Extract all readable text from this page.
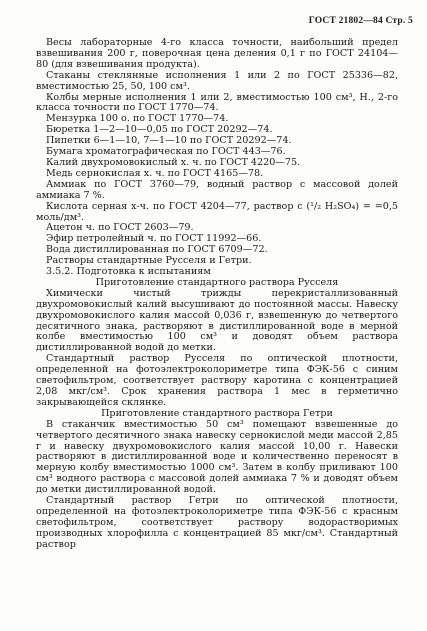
ГОСТ 21802—84 Стр. 5

Весы лабораторные 4-го класса точности, наибольший предел взвешивания 200 г, поверочная цена деления 0,1 г по ГОСТ 24104—80 (для взвешивания продукта).

Стаканы стеклянные исполнения 1 или 2 по ГОСТ 25336—82, вместимостью 25, 50, 100 см³.

Колбы мерные исполнения 1 или 2, вместимостью 100 см³, Н., 2-го класса точности по ГОСТ 1770—74.

Мензурка 100 о. по ГОСТ 1770—74.

Бюретка 1—2—10—0,05 по ГОСТ 20292—74.

Пипетки 6—1—10, 7—1—10 по ГОСТ 20292—74.

Бумага хроматографическая по ГОСТ 443—76.

Калий двухромовокислый х. ч. по ГОСТ 4220—75.

Медь сернокислая х. ч. по ГОСТ 4165—78.

Аммиак по ГОСТ 3760—79, водный раствор с массовой долей аммиака 7 %.

Кислота серная х-ч. по ГОСТ 4204—77, раствор c (¹/₂ H₂SO₄) = =0,5 моль/дм³.

Ацетон ч. по ГОСТ 2603—79.

Эфир петролейный ч. по ГОСТ 11992—66.

Вода дистиллированная по ГОСТ 6709—72.

Растворы стандартные Русселя и Гетри.

3.5.2. Подготовка к испытаниям

Приготовление стандартного раствора Русселя

Химически чистый трижды перекристаллизованный двухромовокислый калий высушивают до постоянной массы. Навеску двухромовокислого калия массой 0,036 г, взвешенную до четвертого десятичного знака, растворяют в дистиллированной воде в мерной колбе вместимостью 100 см³ и доводят объем раствора дистиллированной водой до метки.

Стандартный раствор Русселя по оптической плотности, определенной на фотоэлектроколориметре типа ФЭК-56 с синим светофильтром, соответствует раствору каротина с концентрацией 2,08 мкг/см³. Срок хранения раствора 1 мес в герметично закрывающейся склянке.

Приготовление стандартного раствора Гетри

В стаканчик вместимостью 50 см³ помещают взвешенные до четвертого десятичного знака навеску сернокислой меди массой 2,85 г и навеску двухромовокислого калия массой 10,00 г. Навески растворяют в дистиллированной воде и количественно переносят в мерную колбу вместимостью 1000 см³. Затем в колбу приливают 100 см³ водного раствора с массовой долей аммиака 7 % и доводят объем до метки дистиллированной водой.

Стандартный раствор Гетри по оптической плотности, определенной на фотоэлектроколориметре типа ФЭК-56 с красным светофильтром, соответствует раствору водорастворимых производных хлорофилла с концентрацией 85 мкг/см³. Стандартный раствор
